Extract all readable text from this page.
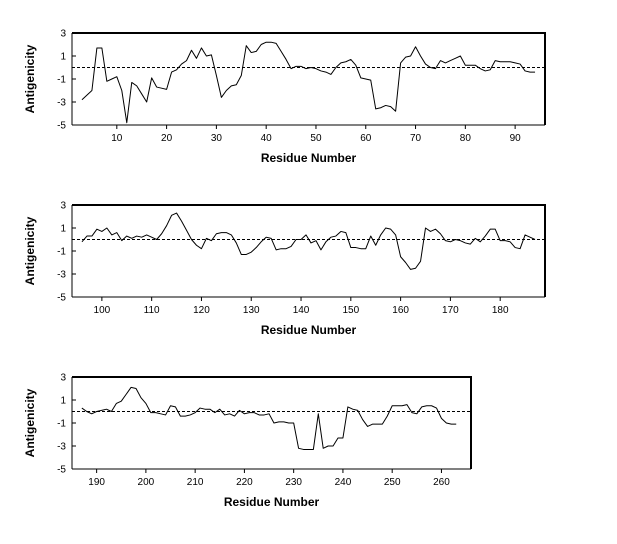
3
1
-1
-3
-5
10	20	30	40	50	60	70	80	90
Residue Number
Antigenicity
3
1
-1
-3
-5
100	110	120	130	140	150	160	170	180
Residue Number
Antigenicity
3
1
-1
-3
-5
190	200	210	220	230	240	250	260
Residue Number
Antigenicity
